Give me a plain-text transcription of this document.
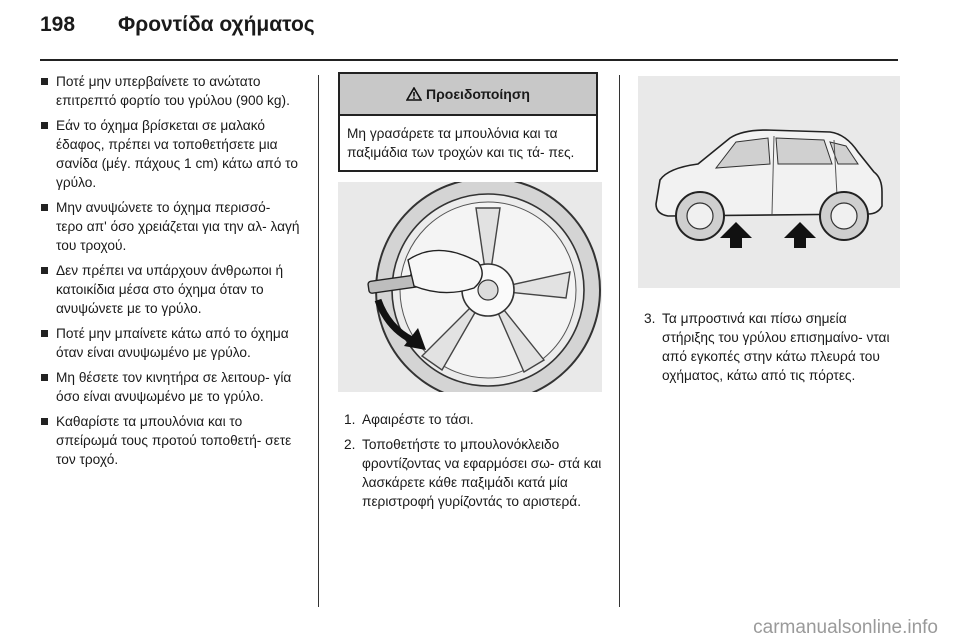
198 Φροντίδα οχήματος
Ποτέ μην υπερβαίνετε το ανώτατο επιτρεπτό φορτίο του γρύλου (900 kg).
Εάν το όχημα βρίσκεται σε μαλακό έδαφος, πρέπει να τοποθετήσετε μια σανίδα (μέγ. πάχους 1 cm) κάτω από το γρύλο.
Μην ανυψώνετε το όχημα περισσό- τερο απ' όσο χρειάζεται για την αλ- λαγή του τροχού.
Δεν πρέπει να υπάρχουν άνθρωποι ή κατοικίδια μέσα στο όχημα όταν το ανυψώνετε με το γρύλο.
Ποτέ μην μπαίνετε κάτω από το όχημα όταν είναι ανυψωμένο με γρύλο.
Μη θέσετε τον κινητήρα σε λειτουρ- γία όσο είναι ανυψωμένο με το γρύλο.
Καθαρίστε τα μπουλόνια και το σπείρωμά τους προτού τοποθετή- σετε τον τροχό.
Προειδοποίηση
Μη γρασάρετε τα μπουλόνια και τα παξιμάδια των τροχών και τις τά- πες.
1. Αφαιρέστε το τάσι.
2. Τοποθετήστε το μπουλονόκλειδο φροντίζοντας να εφαρμόσει σω- στά και λασκάρετε κάθε παξιμάδι κατά μία περιστροφή γυρίζοντάς το αριστερά.
3. Τα μπροστινά και πίσω σημεία στήριξης του γρύλου επισημαίνο- νται από εγκοπές στην κάτω πλευρά του οχήματος, κάτω από τις πόρτες.
carmanualsonline.info
